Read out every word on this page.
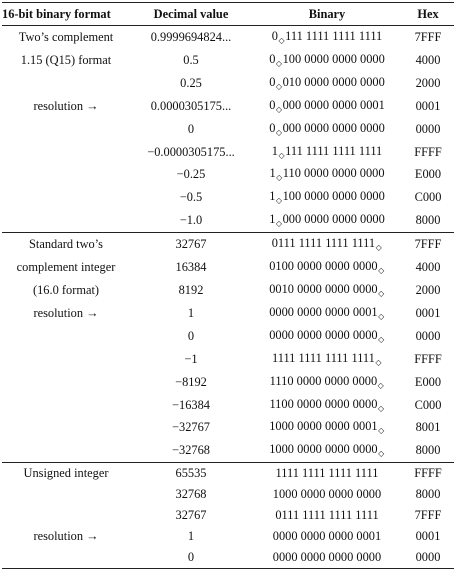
16-bit binary format	Decimal value	Binary	Hex
Two’s complement	0.9999694824...	$0_◇111$ 1111 1111 1111	7FFF
1.15 (Q15) format	0.5	$0_◇100$ 0000 0000 0000	4000
	0.25	$0_◇010$ 0000 0000 0000	2000
resolution →	0.0000305175...	$0_◇000$ 0000 0000 0001	0001
	0	$0_◇000$ 0000 0000 0000	0000
	−0.0000305175...	$1_◇111$ 1111 1111 1111	FFFF
	−0.25	$1_◇110$ 0000 0000 0000	E000
	−0.5	$1_◇100$ 0000 0000 0000	C000
	−1.0	$1_◇000$ 0000 0000 0000	8000
Standard two’s	32767	0111 1111 1111 $1111_◇$	7FFF
complement integer	16384	0100 0000 0000 $0000_◇$	4000
(16.0 format)	8192	0010 0000 0000 $0000_◇$	2000
resolution →	1	0000 0000 0000 $0001_◇$	0001
	0	0000 0000 0000 $0000_◇$	0000
	−1	1111 1111 1111 $1111_◇$	FFFF
	−8192	1110 0000 0000 $0000_◇$	E000
	−16384	1100 0000 0000 $0000_◇$	C000
	−32767	1000 0000 0000 $0001_◇$	8001
	−32768	1000 0000 0000 $0000_◇$	8000
Unsigned integer	65535	1111 1111 1111 1111	FFFF
	32768	1000 0000 0000 0000	8000
	32767	0111 1111 1111 1111	7FFF
resolution →	1	0000 0000 0000 0001	0001
	0	0000 0000 0000 0000	0000
